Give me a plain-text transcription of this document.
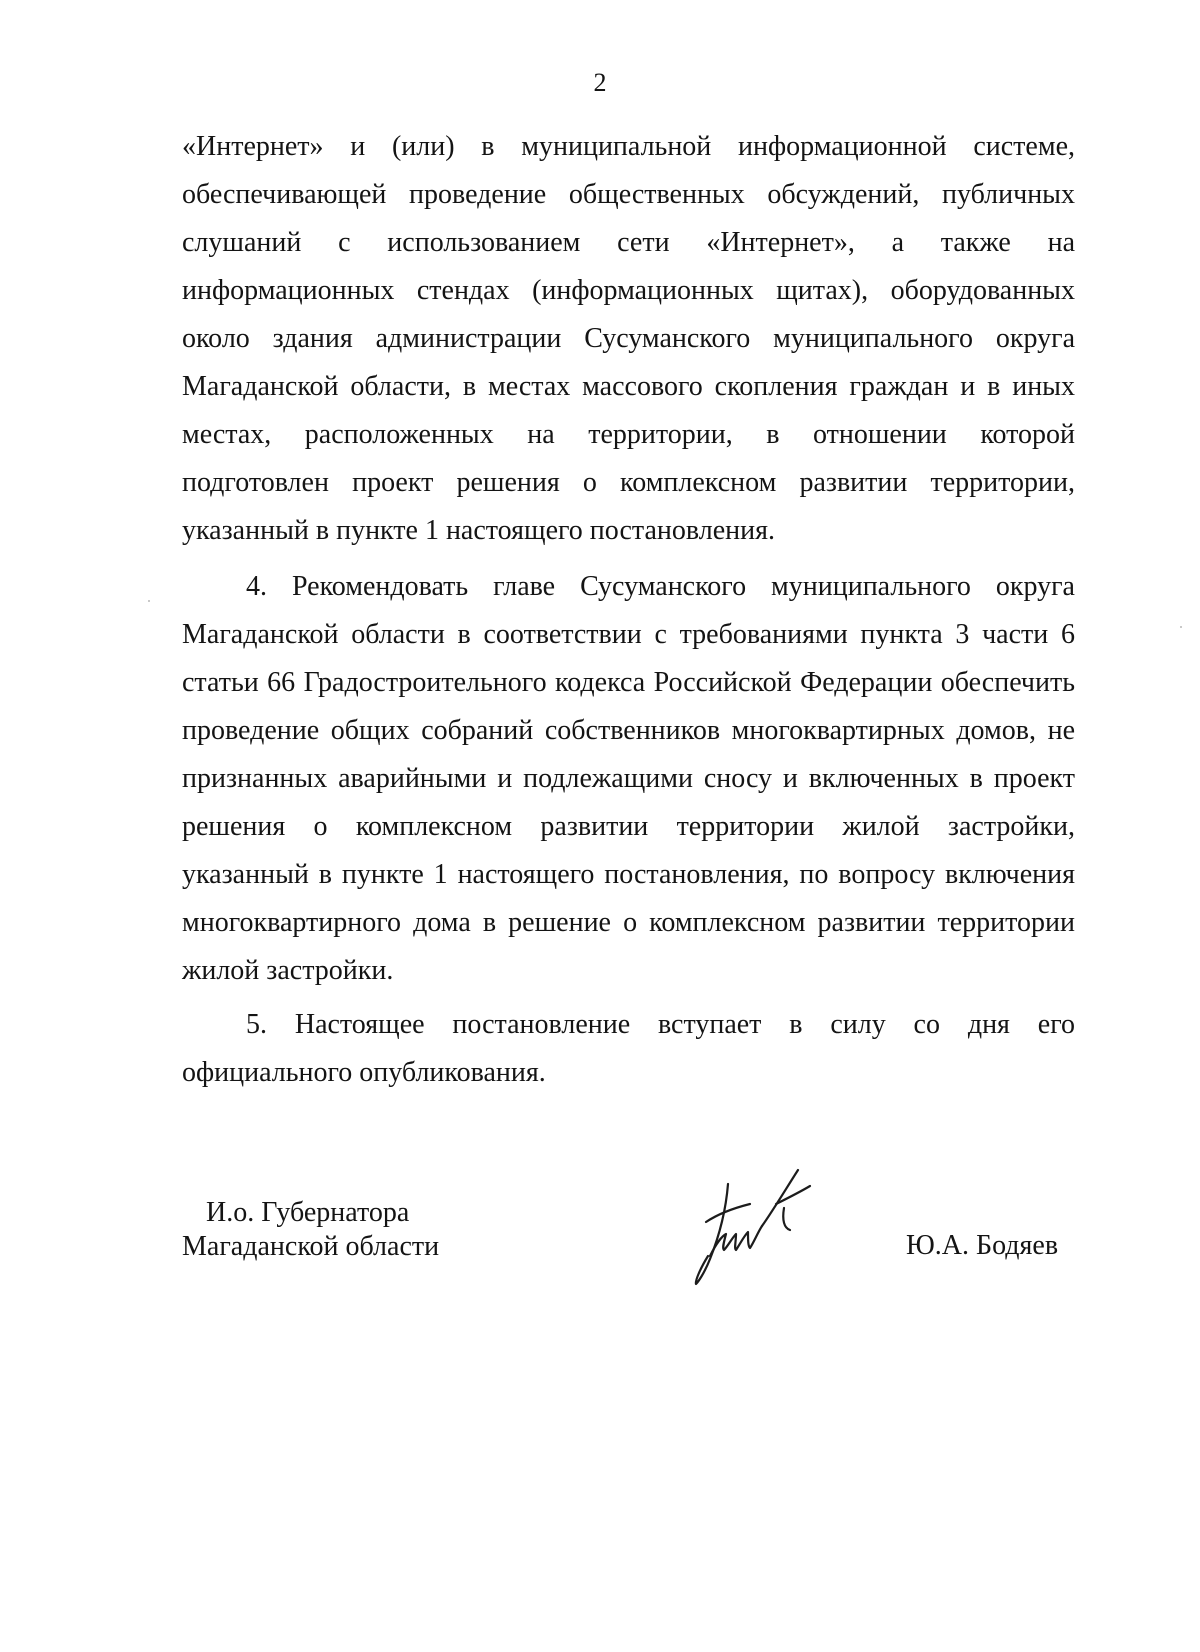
2
«Интернет» и (или) в муниципальной информационной системе,
обеспечивающей проведение общественных обсуждений, публичных
слушаний с использованием сети «Интернет», а также на
информационных стендах (информационных щитах), оборудованных
около здания администрации Сусуманского муниципального округа
Магаданской области, в местах массового скопления граждан и в иных
местах, расположенных на территории, в отношении которой
подготовлен проект решения о комплексном развитии территории,
указанный в пункте 1 настоящего постановления.
4. Рекомендовать главе Сусуманского муниципального округа
Магаданской области в соответствии с требованиями пункта 3 части 6
статьи 66 Градостроительного кодекса Российской Федерации обеспечить
проведение общих собраний собственников многоквартирных домов, не
признанных аварийными и подлежащими сносу и включенных в проект
решения о комплексном развитии территории жилой застройки,
указанный в пункте 1 настоящего постановления, по вопросу включения
многоквартирного дома в решение о комплексном развитии территории
жилой застройки.
5. Настоящее постановление вступает в силу со дня его
официального опубликования.
И.о. Губернатора
Магаданской области	Ю.А. Бодяев
